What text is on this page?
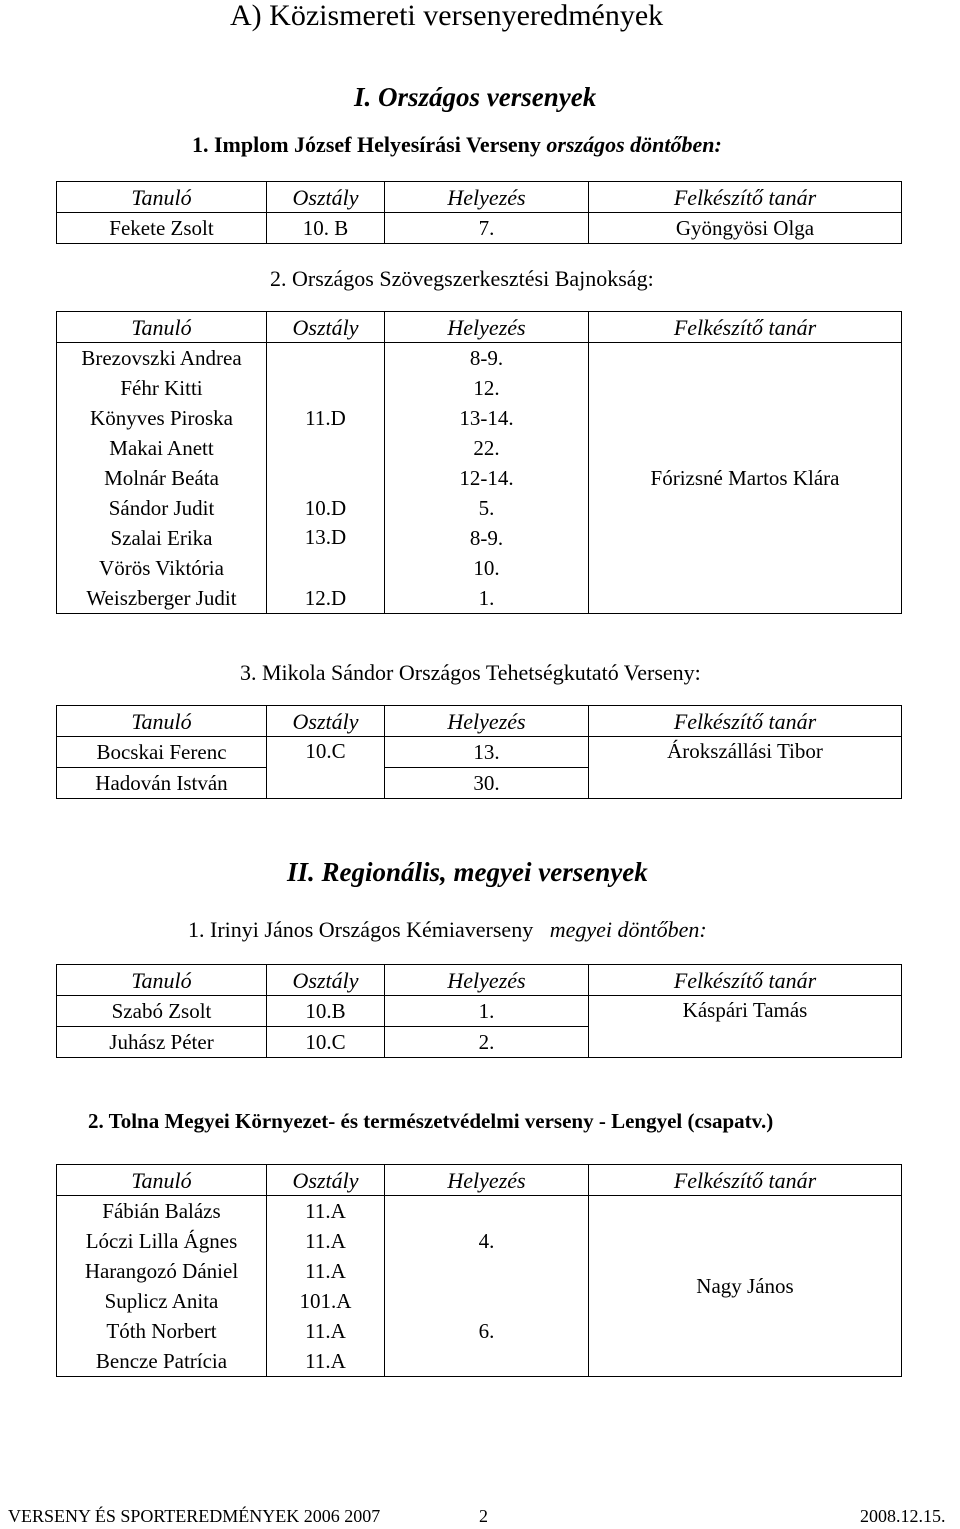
A) Közismereti versenyeredmények
I. Országos versenyek
1. Implom József Helyesírási Verseny országos döntőben:
Tanuló	Osztály	Helyezés	Felkészítő tanár
Fekete Zsolt	10. B	7.	Gyöngyösi Olga
2. Országos Szövegszerkesztési Bajnokság:
Tanuló	Osztály	Helyezés	Felkészítő tanár
Brezovszki Andrea	11.D	8-9.	Fórizsné Martos Klára
Féhr Kitti		12.	
Könyves Piroska		13-14.	
Makai Anett		22.	
Molnár Beáta		12-14.	
Sándor Judit	10.D	5.	
Szalai Erika	13.D	8-9.	
Vörös Viktória		10.	
Weiszberger Judit	12.D	1.	
3. Mikola Sándor Országos Tehetségkutató Verseny:
Tanuló	Osztály	Helyezés	Felkészítő tanár
Bocskai Ferenc	10.C	13.	Árokszállási Tibor
Hadován István		30.	
II. Regionális, megyei versenyek
1. Irinyi János Országos Kémiaverseny megyei döntőben:
Tanuló	Osztály	Helyezés	Felkészítő tanár
Szabó Zsolt	10.B	1.	Káspári Tamás
Juhász Péter	10.C	2.	
2. Tolna Megyei Környezet- és természetvédelmi verseny - Lengyel (csapatv.)
Tanuló	Osztály	Helyezés	Felkészítő tanár
Fábián Balázs	11.A	4.	Nagy János
Lóczi Lilla Ágnes	11.A		
Harangozó Dániel	11.A		
Suplicz Anita	101.A	6.	
Tóth Norbert	11.A		
Bencze Patrícia	11.A		
VERSENY ÉS SPORTEREDMÉNYEK 2006 2007	2	2008.12.15.
